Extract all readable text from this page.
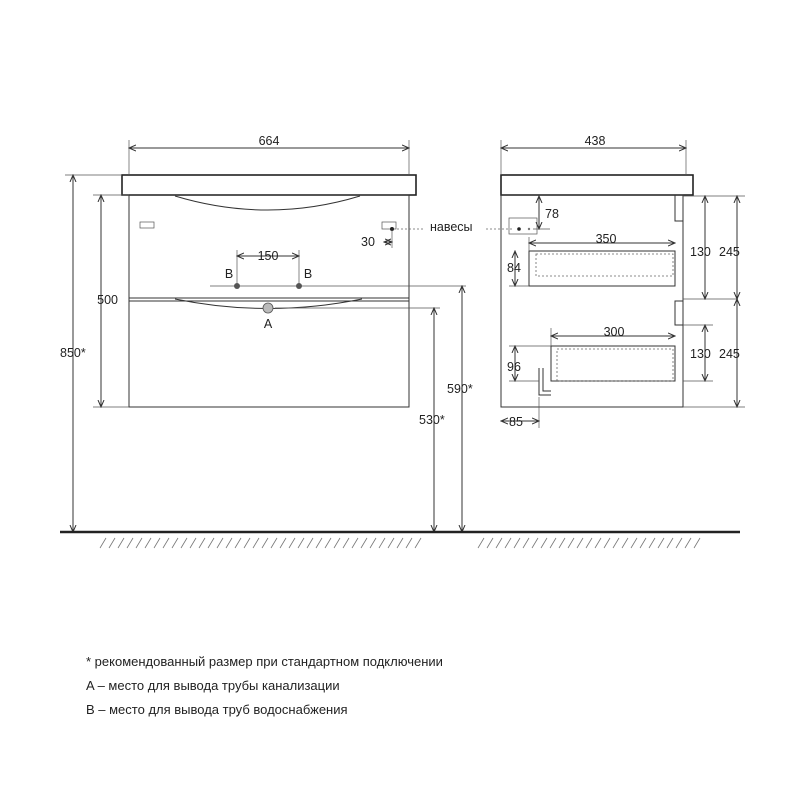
664
500
850*
150
B	B
A
30
навесы
590*
530*
78
350
84
300
96
85
130 245
130 245
438
* рекомендованный размер при стандартном подключении
A – место для вывода трубы канализации
B – место для вывода труб водоснабжения
